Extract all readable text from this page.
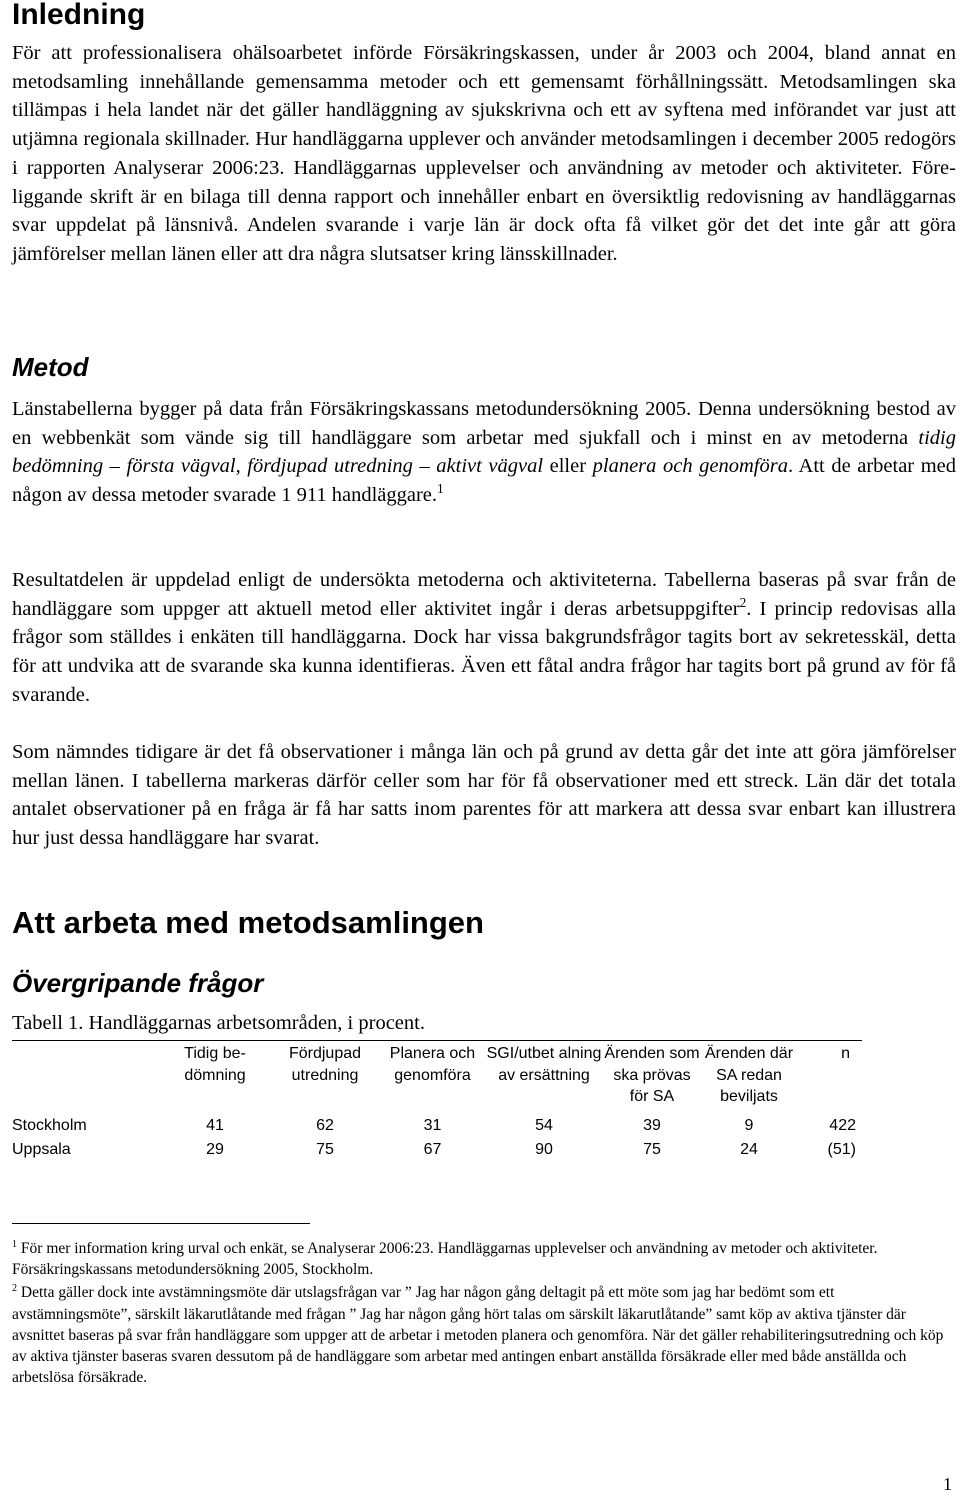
Inledning

För att professionalisera ohälsoarbetet införde Försäkringskassen, under år 2003 och 2004, bland annat en metodsamling innehållande gemensamma metoder och ett gemensamt förhållningssätt. Metodsamlingen ska tillämpas i hela landet när det gäller handläggning av sjukskrivna och ett av syftena med införandet var just att utjämna regionala skillnader. Hur handläggarna upplever och använder metodsamlingen i december 2005 redogörs i rapporten Analyserar 2006:23. Handläggarnas upplevelser och användning av metoder och aktiviteter. Föreliggande skrift är en bilaga till denna rapport och innehåller enbart en översiktlig redovisning av handläggarnas svar uppdelat på länsnivå. Andelen svarande i varje län är dock ofta få vilket gör det det inte går att göra jämförelser mellan länen eller att dra några slutsatser kring länsskillnader.

Metod

Länstabellerna bygger på data från Försäkringskassans metodundersökning 2005. Denna undersökning bestod av en webbenkät som vände sig till handläggare som arbetar med sjukfall och i minst en av metoderna tidig bedömning – första vägval, fördjupad utredning – aktivt vägval eller planera och genomföra. Att de arbetar med någon av dessa metoder svarade 1 911 handläggare.$^1$

Resultatdelen är uppdelad enligt de undersökta metoderna och aktiviteterna. Tabellerna baseras på svar från de handläggare som uppger att aktuell metod eller aktivitet ingår i deras arbetsuppgifter$^2$. I princip redovisas alla frågor som ställdes i enkäten till handläggarna. Dock har vissa bakgrundsfrågor tagits bort av sekretesskäl, detta för att undvika att de svarande ska kunna identifieras. Även ett fåtal andra frågor har tagits bort på grund av för få svarande.

Som nämndes tidigare är det få observationer i många län och på grund av detta går det inte att göra jämförelser mellan länen. I tabellerna markeras därför celler som har för få observationer med ett streck. Län där det totala antalet observationer på en fråga är få har satts inom parentes för att markera att dessa svar enbart kan illustrera hur just dessa handläggare har svarat.

Att arbeta med metodsamlingen
Övergripande frågor

Tabell 1. Handläggarnas arbetsområden, i procent.

	Tidig bedömning	Fördjupad utredning	Planera och genomföra	SGI/utbet alning av ersättning	Ärenden som ska prövas för SA	Ärenden där SA redan beviljats	n
Stockholm	41	62	31	54	39	9	422
Uppsala	29	75	67	90	75	24	(51)

$^1$ För mer information kring urval och enkät, se Analyserar 2006:23. Handläggarnas upplevelser och användning av metoder och aktiviteter. Försäkringskassans metodundersökning 2005, Stockholm.

$^2$ Detta gäller dock inte avstämningsmöte där utslagsfrågan var ” Jag har någon gång deltagit på ett möte som jag har bedömt som ett avstämningsmöte”, särskilt läkarutlåtande med frågan ” Jag har någon gång hört talas om särskilt läkarutlåtande” samt köp av aktiva tjänster där avsnittet baseras på svar från handläggare som uppger att de arbetar i metoden planera och genomföra. När det gäller rehabiliteringsutredning och köp av aktiva tjänster baseras svaren dessutom på de handläggare som arbetar med antingen enbart anställda försäkrade eller med både anställda och arbetslösa försäkrade.

1
